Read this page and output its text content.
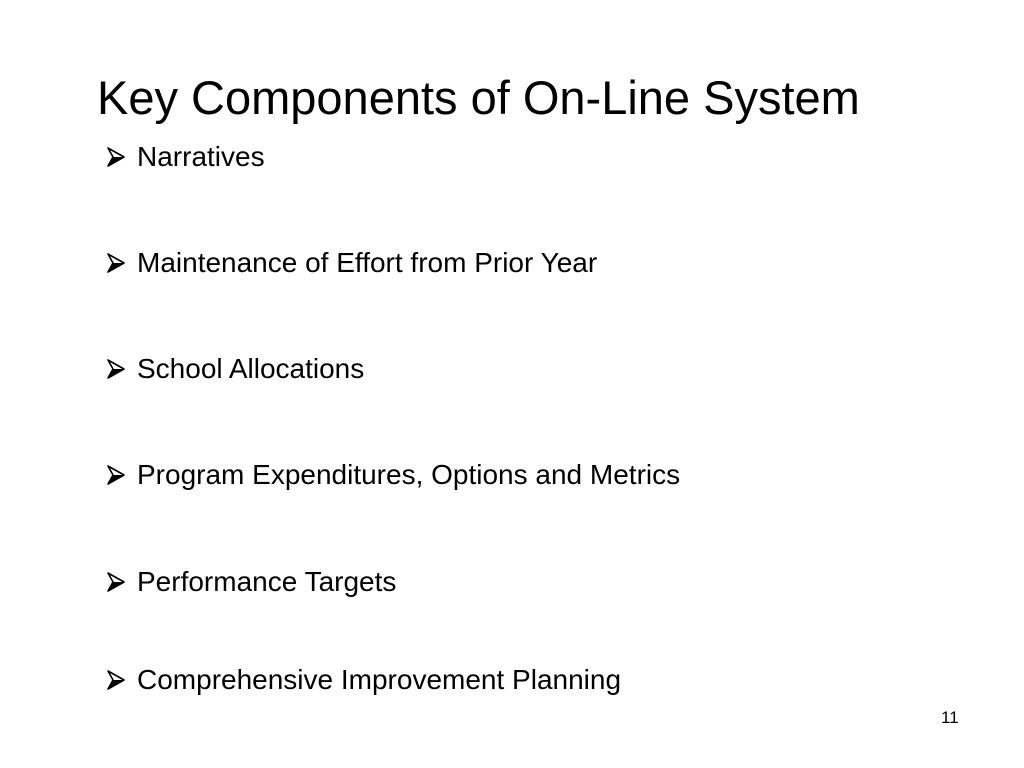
Key Components of On-Line System
Narratives
Maintenance of Effort from Prior Year
School Allocations
Program Expenditures, Options and Metrics
Performance Targets
Comprehensive Improvement Planning
11
